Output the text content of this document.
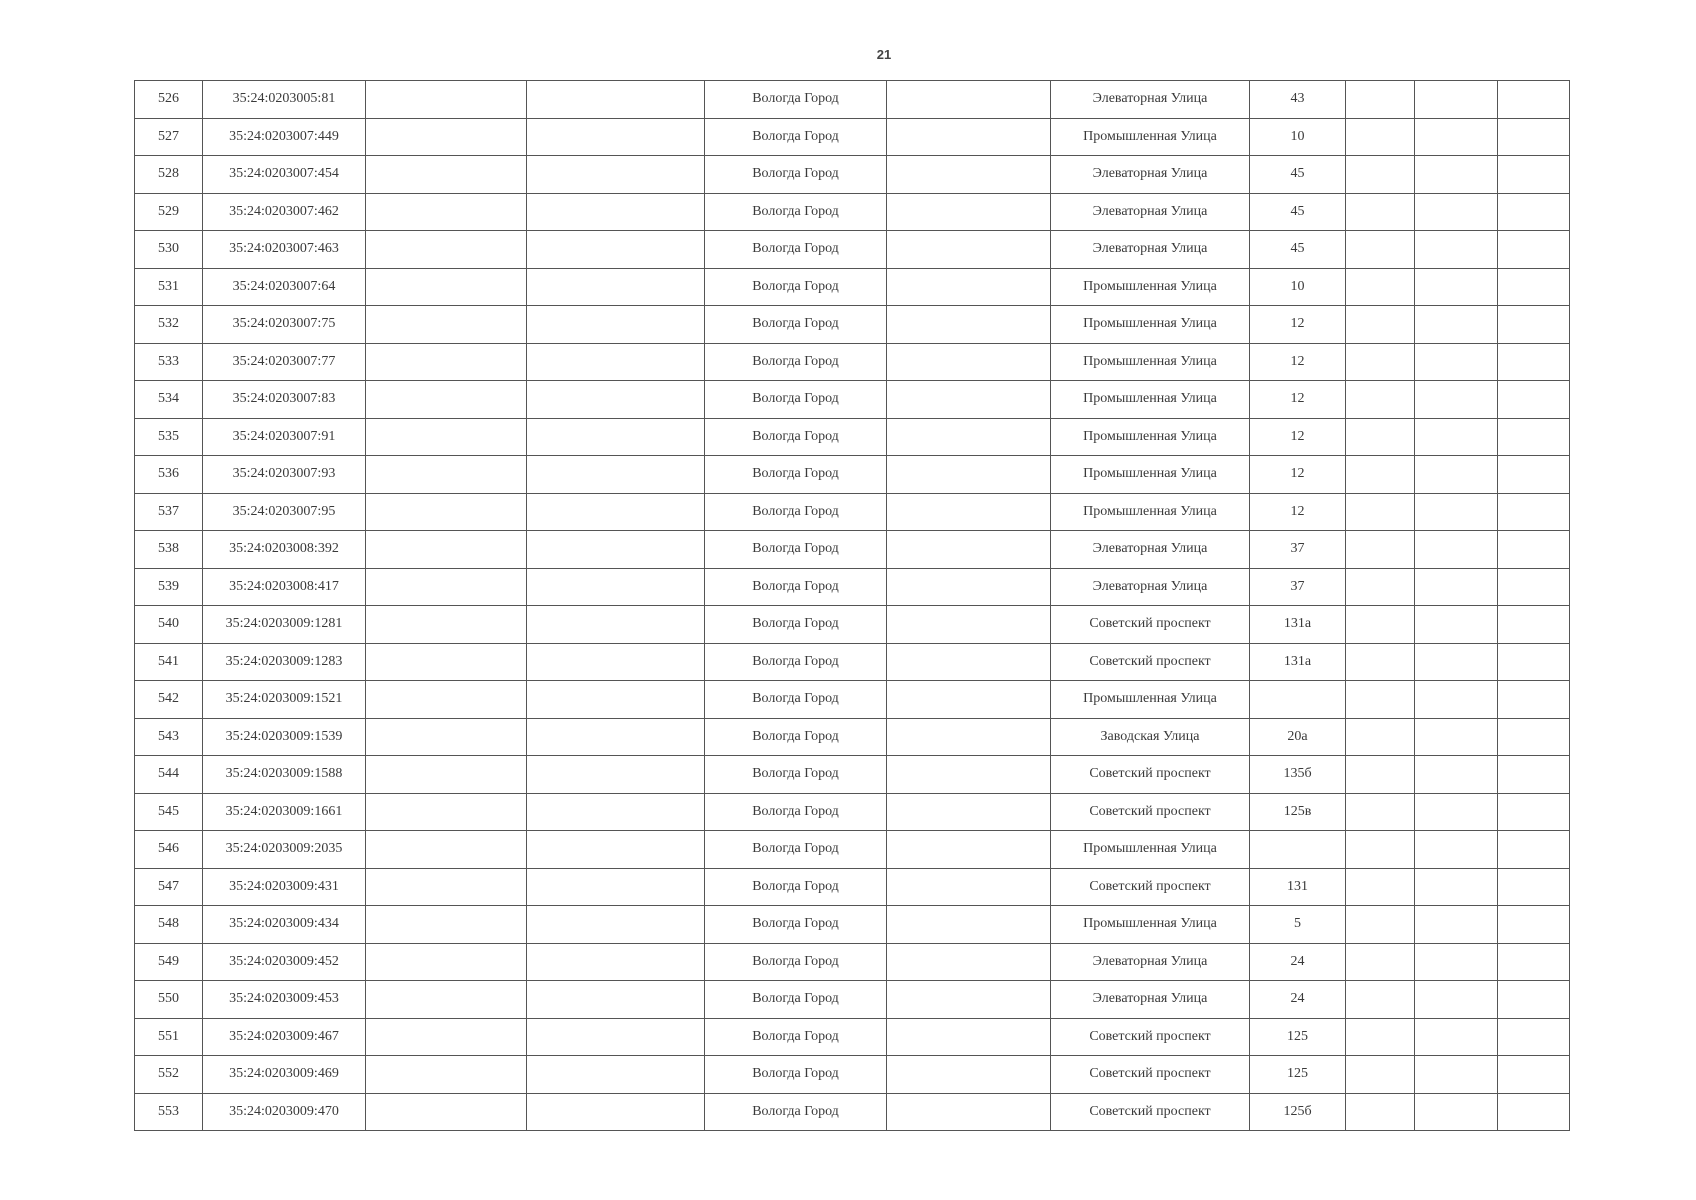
21
526	35:24:0203005:81			Вологда Город		Элеваторная Улица	43			
527	35:24:0203007:449			Вологда Город		Промышленная Улица	10			
528	35:24:0203007:454			Вологда Город		Элеваторная Улица	45			
529	35:24:0203007:462			Вологда Город		Элеваторная Улица	45			
530	35:24:0203007:463			Вологда Город		Элеваторная Улица	45			
531	35:24:0203007:64			Вологда Город		Промышленная Улица	10			
532	35:24:0203007:75			Вологда Город		Промышленная Улица	12			
533	35:24:0203007:77			Вологда Город		Промышленная Улица	12			
534	35:24:0203007:83			Вологда Город		Промышленная Улица	12			
535	35:24:0203007:91			Вологда Город		Промышленная Улица	12			
536	35:24:0203007:93			Вологда Город		Промышленная Улица	12			
537	35:24:0203007:95			Вологда Город		Промышленная Улица	12			
538	35:24:0203008:392			Вологда Город		Элеваторная Улица	37			
539	35:24:0203008:417			Вологда Город		Элеваторная Улица	37			
540	35:24:0203009:1281			Вологда Город		Советский проспект	131а			
541	35:24:0203009:1283			Вологда Город		Советский проспект	131а			
542	35:24:0203009:1521			Вологда Город		Промышленная Улица				
543	35:24:0203009:1539			Вологда Город		Заводская Улица	20а			
544	35:24:0203009:1588			Вологда Город		Советский проспект	135б			
545	35:24:0203009:1661			Вологда Город		Советский проспект	125в			
546	35:24:0203009:2035			Вологда Город		Промышленная Улица				
547	35:24:0203009:431			Вологда Город		Советский проспект	131			
548	35:24:0203009:434			Вологда Город		Промышленная Улица	5			
549	35:24:0203009:452			Вологда Город		Элеваторная Улица	24			
550	35:24:0203009:453			Вологда Город		Элеваторная Улица	24			
551	35:24:0203009:467			Вологда Город		Советский проспект	125			
552	35:24:0203009:469			Вологда Город		Советский проспект	125			
553	35:24:0203009:470			Вологда Город		Советский проспект	125б			
